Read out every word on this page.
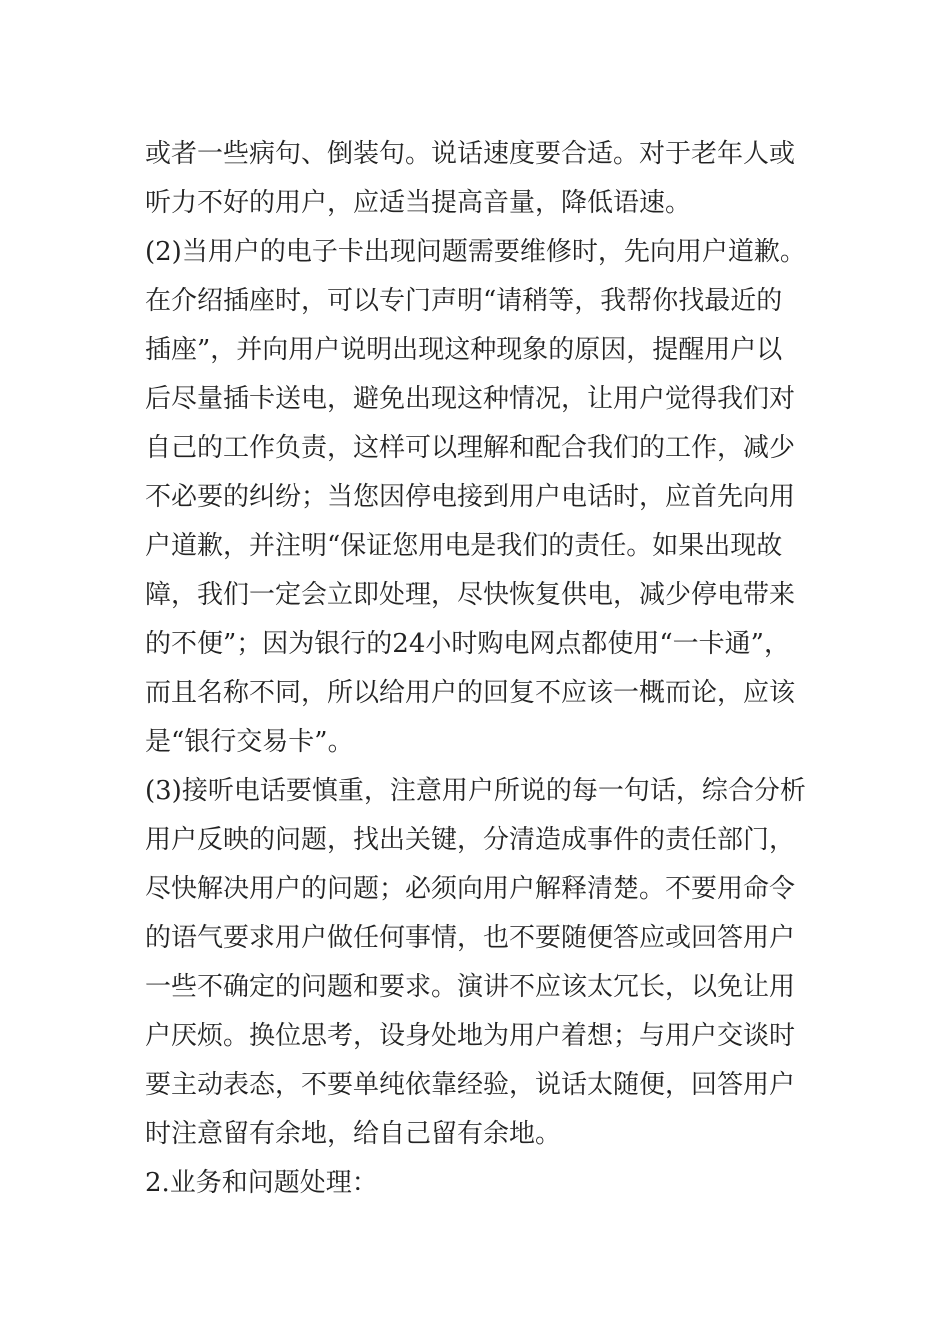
或者一些病句、倒装句。说话速度要合适。对于老年人或
听力不好的用户，应适当提高音量，降低语速。
(2)当用户的电子卡出现问题需要维修时，先向用户道歉。
在介绍插座时，可以专门声明“请稍等，我帮你找最近的
插座”，并向用户说明出现这种现象的原因，提醒用户以
后尽量插卡送电，避免出现这种情况，让用户觉得我们对
自己的工作负责，这样可以理解和配合我们的工作，减少
不必要的纠纷；当您因停电接到用户电话时，应首先向用
户道歉，并注明“保证您用电是我们的责任。如果出现故
障，我们一定会立即处理，尽快恢复供电，减少停电带来
的不便”；因为银行的24小时购电网点都使用“一卡通”，
而且名称不同，所以给用户的回复不应该一概而论，应该
是“银行交易卡”。
(3)接听电话要慎重，注意用户所说的每一句话，综合分析
用户反映的问题，找出关键，分清造成事件的责任部门，
尽快解决用户的问题；必须向用户解释清楚。不要用命令
的语气要求用户做任何事情，也不要随便答应或回答用户
一些不确定的问题和要求。演讲不应该太冗长，以免让用
户厌烦。换位思考，设身处地为用户着想；与用户交谈时
要主动表态，不要单纯依靠经验，说话太随便，回答用户
时注意留有余地，给自己留有余地。
2.业务和问题处理：
